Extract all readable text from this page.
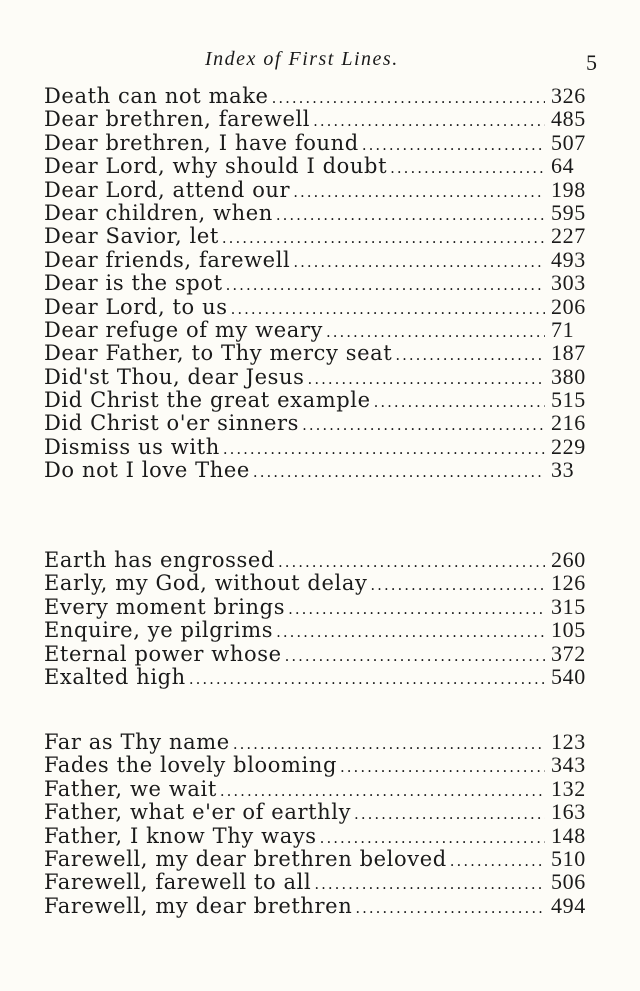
Index of First Lines.	5
Death can not make .....	326
Dear brethren, farewell .....	485
Dear brethren, I have found .....	507
Dear Lord, why should I doubt .....	64
Dear Lord, attend our .....	198
Dear children, when .....	595
Dear Savior, let .....	227
Dear friends, farewell .....	493
Dear is the spot .....	303
Dear Lord, to us .....	206
Dear refuge of my weary .....	71
Dear Father, to Thy mercy seat .....	187
Did'st Thou, dear Jesus .....	380
Did Christ the great example .....	515
Did Christ o'er sinners .....	216
Dismiss us with .....	229
Do not I love Thee .....	33
Earth has engrossed .....	260
Early, my God, without delay .....	126
Every moment brings .....	315
Enquire, ye pilgrims .....	105
Eternal power whose .....	372
Exalted high .....	540
Far as Thy name .....	123
Fades the lovely blooming .....	343
Father, we wait .....	132
Father, what e'er of earthly .....	163
Father, I know Thy ways .....	148
Farewell, my dear brethren beloved .....	510
Farewell, farewell to all .....	506
Farewell, my dear brethren .....	494
